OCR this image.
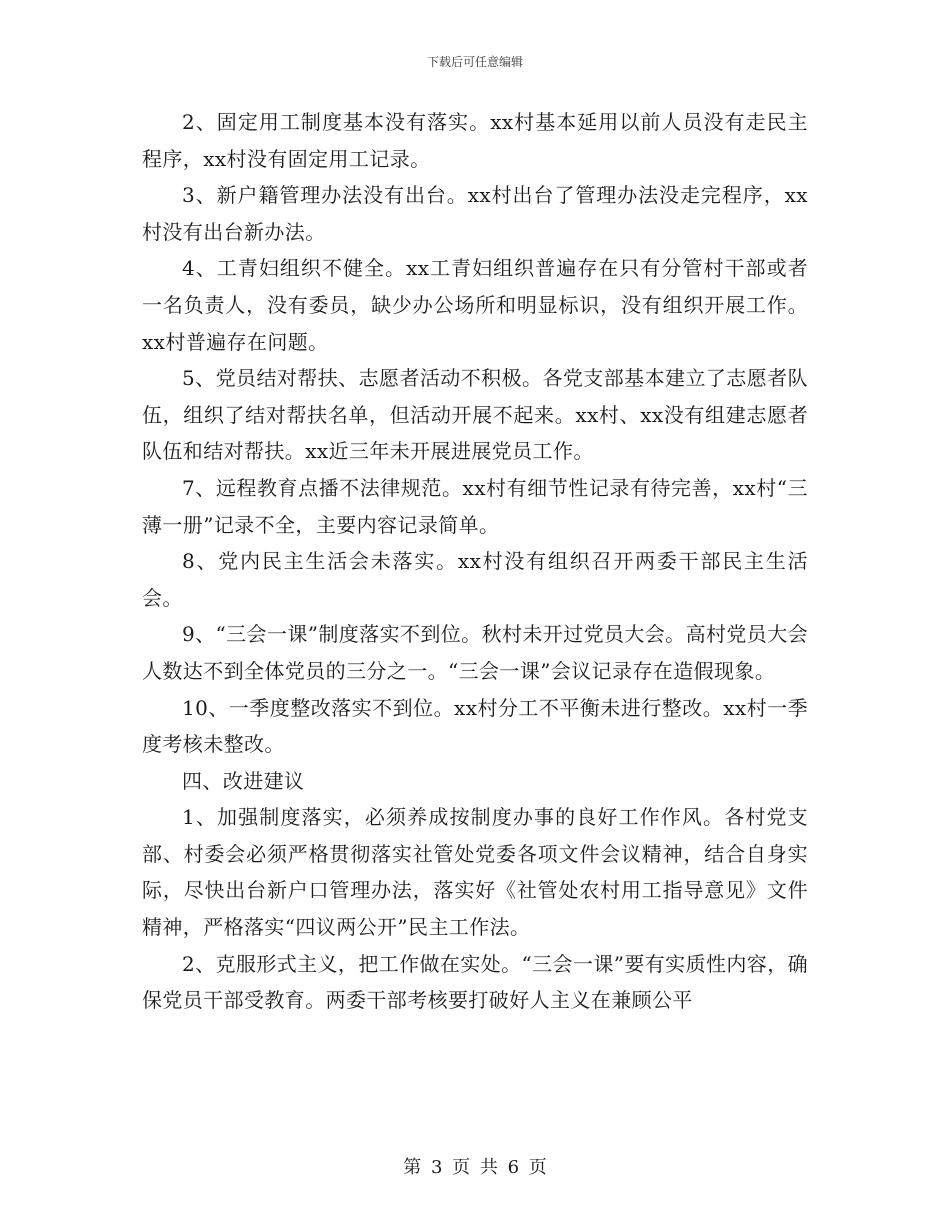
下载后可任意编辑

2、固定用工制度基本没有落实。xx村基本延用以前人员没有走民主程序，xx村没有固定用工记录。

3、新户籍管理办法没有出台。xx村出台了管理办法没走完程序，xx村没有出台新办法。

4、工青妇组织不健全。xx工青妇组织普遍存在只有分管村干部或者一名负责人，没有委员，缺少办公场所和明显标识，没有组织开展工作。xx村普遍存在问题。

5、党员结对帮扶、志愿者活动不积极。各党支部基本建立了志愿者队伍，组织了结对帮扶名单，但活动开展不起来。xx村、xx没有组建志愿者队伍和结对帮扶。xx近三年未开展进展党员工作。

7、远程教育点播不法律规范。xx村有细节性记录有待完善，xx村“三薄一册”记录不全，主要内容记录简单。

8、党内民主生活会未落实。xx村没有组织召开两委干部民主生活会。

9、“三会一课”制度落实不到位。秋村未开过党员大会。高村党员大会人数达不到全体党员的三分之一。“三会一课”会议记录存在造假现象。

10、一季度整改落实不到位。xx村分工不平衡未进行整改。xx村一季度考核未整改。

四、改进建议

1、加强制度落实，必须养成按制度办事的良好工作作风。各村党支部、村委会必须严格贯彻落实社管处党委各项文件会议精神，结合自身实际，尽快出台新户口管理办法，落实好《社管处农村用工指导意见》文件精神，严格落实“四议两公开”民主工作法。

2、克服形式主义，把工作做在实处。“三会一课”要有实质性内容，确保党员干部受教育。两委干部考核要打破好人主义在兼顾公平

第 3 页 共 6 页
